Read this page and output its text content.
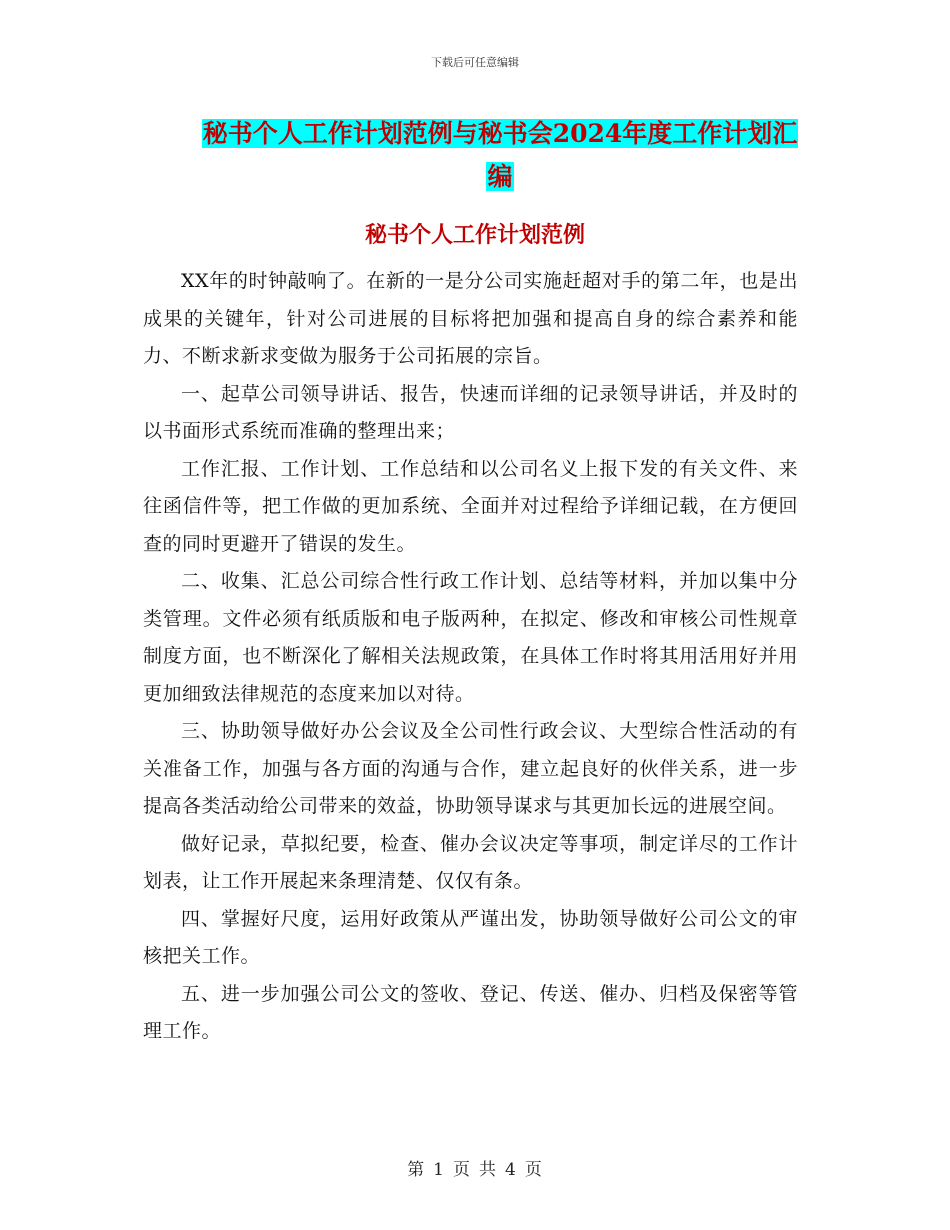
下载后可任意编辑
秘书个人工作计划范例与秘书会2024年度工作计划汇
编
秘书个人工作计划范例

XX年的时钟敲响了。在新的一是分公司实施赶超对手的第二年，也是出成果的关键年，针对公司进展的目标将把加强和提高自身的综合素养和能力、不断求新求变做为服务于公司拓展的宗旨。

一、起草公司领导讲话、报告，快速而详细的记录领导讲话，并及时的以书面形式系统而准确的整理出来；

工作汇报、工作计划、工作总结和以公司名义上报下发的有关文件、来往函信件等，把工作做的更加系统、全面并对过程给予详细记载，在方便回查的同时更避开了错误的发生。

二、收集、汇总公司综合性行政工作计划、总结等材料，并加以集中分类管理。文件必须有纸质版和电子版两种，在拟定、修改和审核公司性规章制度方面，也不断深化了解相关法规政策，在具体工作时将其用活用好并用更加细致法律规范的态度来加以对待。

三、协助领导做好办公会议及全公司性行政会议、大型综合性活动的有关准备工作，加强与各方面的沟通与合作，建立起良好的伙伴关系，进一步提高各类活动给公司带来的效益，协助领导谋求与其更加长远的进展空间。

做好记录，草拟纪要，检查、催办会议决定等事项，制定详尽的工作计划表，让工作开展起来条理清楚、仅仅有条。

四、掌握好尺度，运用好政策从严谨出发，协助领导做好公司公文的审核把关工作。

五、进一步加强公司公文的签收、登记、传送、催办、归档及保密等管理工作。

第 1 页 共 4 页
